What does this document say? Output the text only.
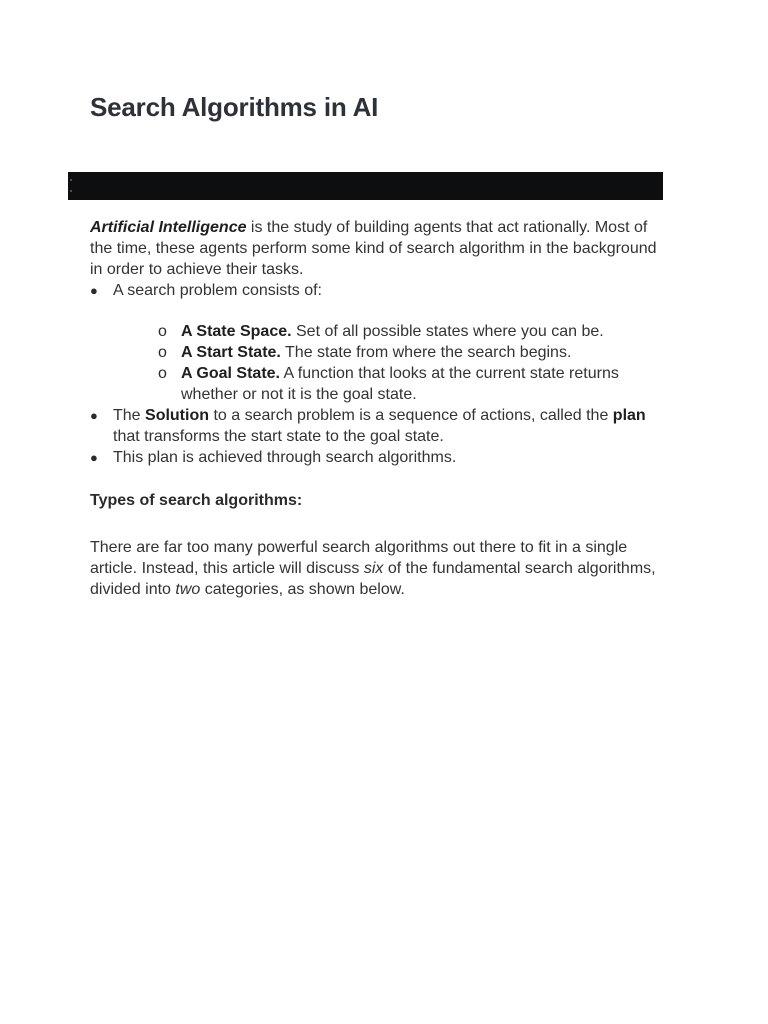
Search Algorithms in AI

Artificial Intelligence is the study of building agents that act rationally. Most of the time, these agents perform some kind of search algorithm in the background in order to achieve their tasks.

● A search problem consists of:
o A State Space. Set of all possible states where you can be.
o A Start State. The state from where the search begins.
o A Goal State. A function that looks at the current state returns whether or not it is the goal state.
● The Solution to a search problem is a sequence of actions, called the plan that transforms the start state to the goal state.
● This plan is achieved through search algorithms.
Types of search algorithms:

There are far too many powerful search algorithms out there to fit in a single article. Instead, this article will discuss six of the fundamental search algorithms, divided into two categories, as shown below.
